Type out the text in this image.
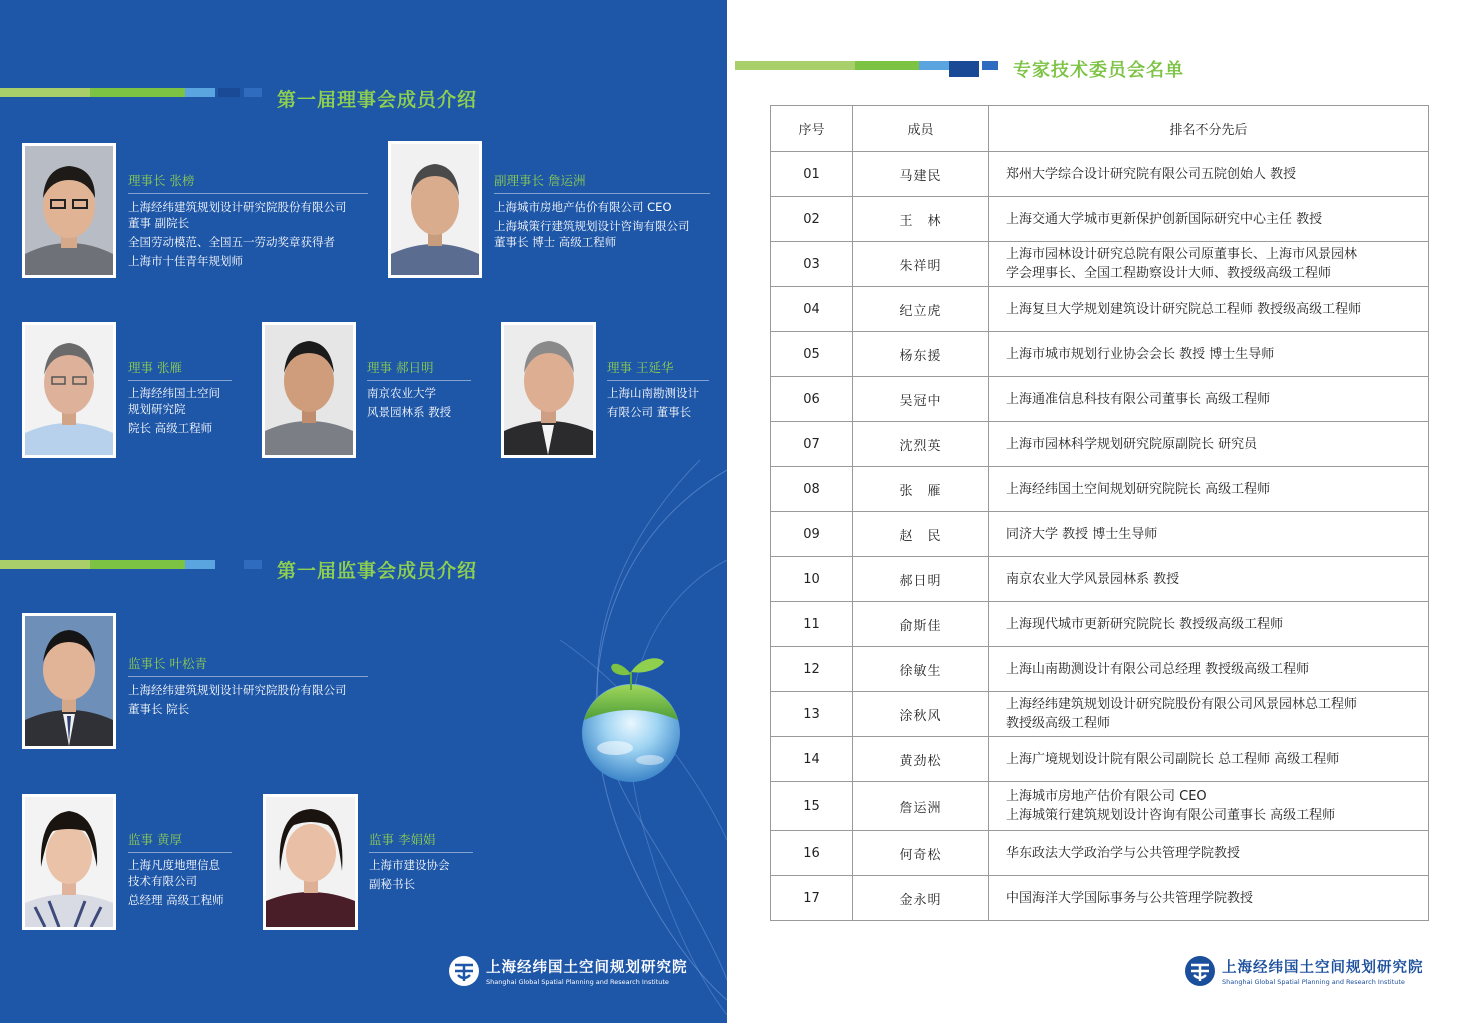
第一届理事会成员介绍
理事长 张榜
上海经纬建筑规划设计研究院股份有限公司
董事 副院长
全国劳动模范、全国五一劳动奖章获得者
上海市十佳青年规划师
副理事长 詹运洲
上海城市房地产估价有限公司 CEO
上海城策行建筑规划设计咨询有限公司
董事长 博士 高级工程师
理事 张雁
上海经纬国土空间
规划研究院
院长 高级工程师
理事 郝日明
南京农业大学
风景园林系 教授
理事 王延华
上海山南勘测设计
有限公司 董事长
第一届监事会成员介绍
监事长 叶松青
上海经纬建筑规划设计研究院股份有限公司
董事长 院长
监事 黄厚
上海凡度地理信息
技术有限公司
总经理 高级工程师
监事 李娟娟
上海市建设协会
副秘书长
上海经纬国土空间规划研究院
Shanghai Global Spatial Planning and Research Institute
专家技术委员会名单
序号	成员	排名不分先后
01	马建民	郑州大学综合设计研究院有限公司五院创始人 教授

02	王　林	上海交通大学城市更新保护创新国际研究中心主任 教授

03	朱祥明	上海市园林设计研究总院有限公司原董事长、上海市风景园林
学会理事长、全国工程勘察设计大师、教授级高级工程师

04	纪立虎	上海复旦大学规划建筑设计研究院总工程师 教授级高级工程师

05	杨东援	上海市城市规划行业协会会长 教授 博士生导师

06	吴冠中	上海通准信息科技有限公司董事长 高级工程师

07	沈烈英	上海市园林科学规划研究院原副院长 研究员

08	张　雁	上海经纬国土空间规划研究院院长 高级工程师

09	赵　民	同济大学 教授 博士生导师

10	郝日明	南京农业大学风景园林系 教授

11	俞斯佳	上海现代城市更新研究院院长 教授级高级工程师

12	徐敏生	上海山南勘测设计有限公司总经理 教授级高级工程师

13	涂秋风	上海经纬建筑规划设计研究院股份有限公司风景园林总工程师
教授级高级工程师

14	黄劲松	上海广境规划设计院有限公司副院长 总工程师 高级工程师

15	詹运洲	上海城市房地产估价有限公司 CEO
上海城策行建筑规划设计咨询有限公司董事长 高级工程师

16	何奇松	华东政法大学政治学与公共管理学院教授

17	金永明	中国海洋大学国际事务与公共管理学院教授
上海经纬国土空间规划研究院
Shanghai Global Spatial Planning and Research Institute
